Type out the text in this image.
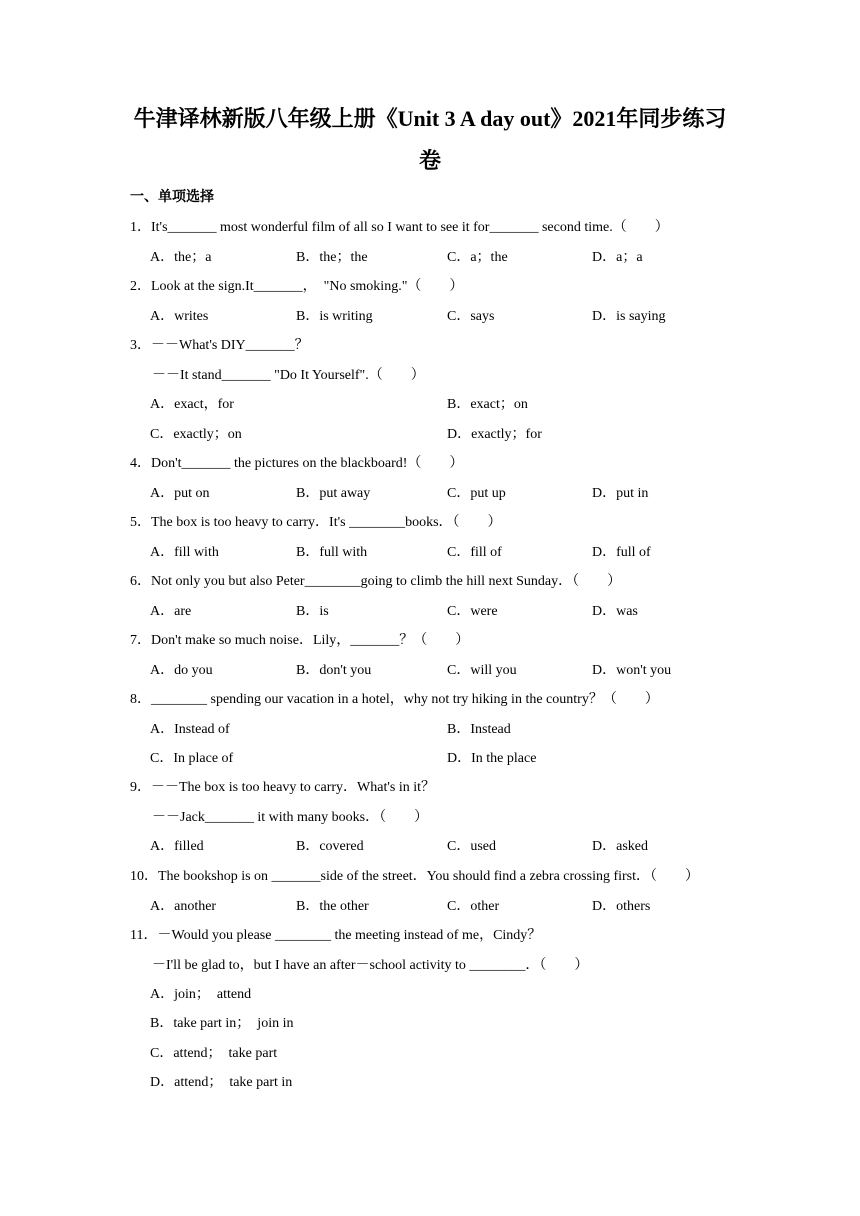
牛津译林新版八年级上册《Unit 3 A day out》2021年同步练习
卷
一、单项选择
1．It's_______ most wonderful film of all so I want to see it for_______ second time.（　　）
A．the；a	B．the；the	C．a；the	D．a；a
2．Look at the sign.It_______，  "No smoking."（　　）
A．writes	B．is writing	C．says	D．is saying
3．－－What's DIY_______？
－－It stand_______ "Do It Yourself".（　　）
A．exact，for	B．exact；on
C．exactly；on	D．exactly；for
4．Don't_______ the pictures on the blackboard!（　　）
A．put on	B．put away	C．put up	D．put in
5．The box is too heavy to carry．It's ________books．（　　）
A．fill with	B．full with	C．fill of	D．full of
6．Not only you but also Peter________going to climb the hill next Sunday．（　　）
A．are	B．is	C．were	D．was
7．Don't make so much noise．Lily，_______？（　　）
A．do you	B．don't you	C．will you	D．won't you
8．________ spending our vacation in a hotel，why not try hiking in the country？（　　）
A．Instead of	B．Instead
C．In place of	D．In the place
9．－－The box is too heavy to carry．What's in it？
－－Jack_______ it with many books．（　　）
A．filled	B．covered	C．used	D．asked
10．The bookshop is on _______side of the street．You should find a zebra crossing first．（　　）
A．another	B．the other	C．other	D．others
11．－Would you please ________ the meeting instead of me，Cindy？
－I'll be glad to，but I have an after－school activity to ________．（　　）
A．join；  attend
B．take part in；  join in
C．attend；  take part
D．attend；  take part in
